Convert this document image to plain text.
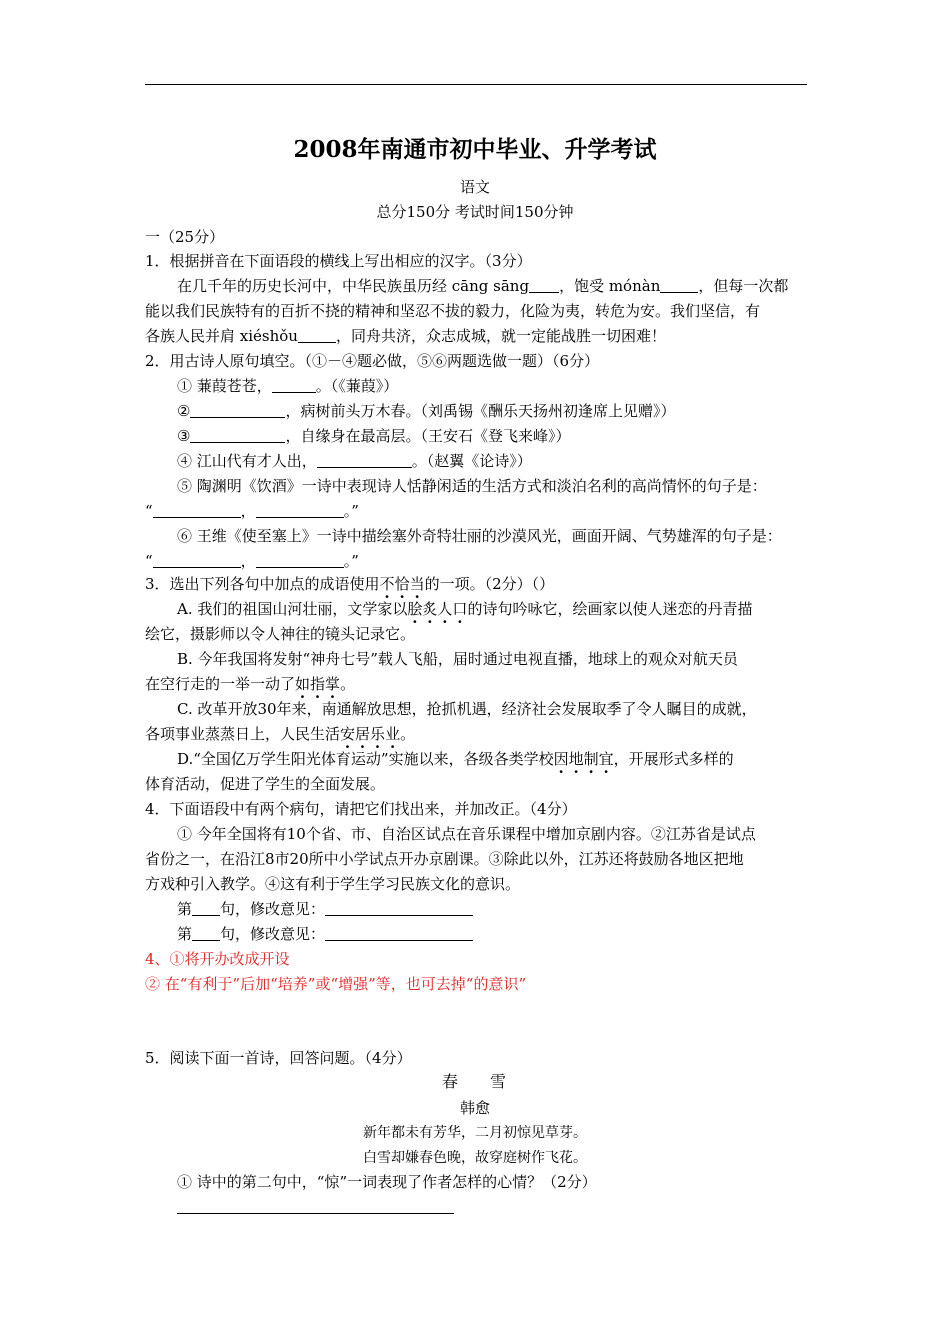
2008年南通市初中毕业、升学考试
语文
总分150分 考试时间150分钟
一（25分）
1．根据拼音在下面语段的横线上写出相应的汉字。（3分）
在几千年的历史长河中，中华民族虽历经 cāng sāng ，饱受 mónàn	，但每一次都
能以我们民族特有的百折不挠的精神和坚忍不拔的毅力，化险为夷，转危为安。我们坚信，有
各族人民并肩 xiéshǒu	，同舟共济，众志成城，就一定能战胜一切困难！
2．用古诗人原句填空。（①－④题必做，⑤⑥两题选做一题）（6分）
① 蒹葭苍苍，	。（《蒹葭》）
②	，病树前头万木春。（刘禹锡《酬乐天扬州初逢席上见赠》）
③	，自缘身在最高层。（王安石《登飞来峰》）
④ 江山代有才人出，	。（赵翼《论诗》）
⑤ 陶渊明《饮酒》一诗中表现诗人恬静闲适的生活方式和淡泊名利的高尚情怀的句子是：
“	，	。”
⑥ 王维《使至塞上》一诗中描绘塞外奇特壮丽的沙漠风光，画面开阔、气势雄浑的句子是：
“	，	。”
3．选出下列各句中加点的成语使用不恰当的一项。（2分）（）
A. 我们的祖国山河壮丽，文学家以脍炙人口的诗句吟咏它，绘画家以使人迷恋的丹青描
绘它，摄影师以令人神往的镜头记录它。
B. 今年我国将发射“神舟七号”载人飞船，届时通过电视直播，地球上的观众对航天员
在空行走的一举一动了如指掌。
C. 改革开放30年来，南通解放思想，抢抓机遇，经济社会发展取季了令人瞩目的成就，
各项事业蒸蒸日上，人民生活安居乐业。
D.“全国亿万学生阳光体育运动”实施以来，各级各类学校因地制宜，开展形式多样的
体育活动，促进了学生的全面发展。
4．下面语段中有两个病句，请把它们找出来，并加改正。（4分）
① 今年全国将有10个省、市、自治区试点在音乐课程中增加京剧内容。②江苏省是试点
省份之一，在沿江8市20所中小学试点开办京剧课。③除此以外，江苏还将鼓励各地区把地
方戏种引入教学。④这有利于学生学习民族文化的意识。
第 句，修改意见：
第 句，修改意见：
4、①将开办改成开设
② 在“有利于”后加“培养”或“增强”等，也可去掉“的意识”
5．阅读下面一首诗，回答问题。（4分）
春 雪
韩愈
新年都未有芳华，二月初惊见草芽。
白雪却嫌春色晚，故穿庭树作飞花。
① 诗中的第二句中，“惊”一词表现了作者怎样的心情？（2分）
